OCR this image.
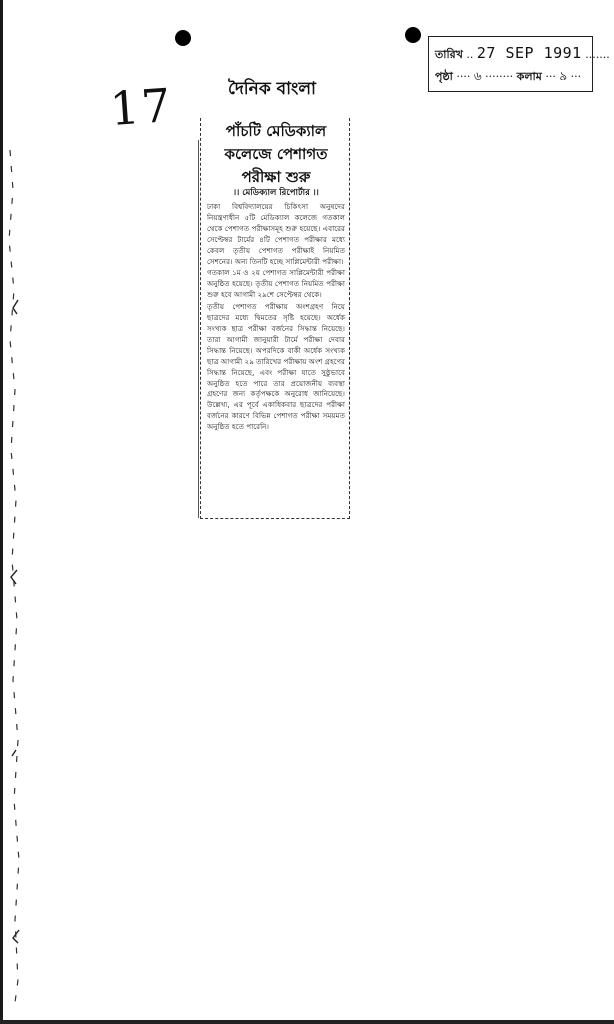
তারিখ .. 27 SEP 1991 .......
পৃষ্ঠা ···· ৬ ········ কলাম ··· ৯ ···
17	দৈনিক বাংলা
পাঁচটি মেডিক্যাল
কলেজে পেশাগত
পরীক্ষা শুরু
।। মেডিক্যাল রিপোর্টার ।।

ঢাকা বিশ্ববিদ্যালয়ের চিকিৎসা অনুষদের নিয়ন্ত্রণাধীন ৫টি মেডিক্যাল কলেজে গতকাল থেকে পেশাগত পরীক্ষাসমূহ শুরু হয়েছে। এবারের সেপ্টেম্বর টার্মের ৪টি পেশাগত পরীক্ষার মধ্যে কেবল তৃতীয় পেশাগত পরীক্ষাই নিয়মিত সেশনের। অন্য তিনটি হচ্ছে সাপ্লিমেন্টারী পরীক্ষা।

গতকাল ১ম ও ২য় পেশাগত সাপ্লিমেন্টারী পরীক্ষা অনুষ্ঠিত হয়েছে। তৃতীয় পেশাগত নিয়মিত পরীক্ষা শুরু হবে আগামী ২৯শে সেপ্টেম্বর থেকে।

তৃতীয় পেশাগত পরীক্ষায় অংশগ্রহণ নিয়ে ছাত্রদের মধ্যে দ্বিমতের সৃষ্টি হয়েছে। অর্ধেক সংখ্যক ছাত্র পরীক্ষা বর্জনের সিদ্ধান্ত নিয়েছে। তারা আগামী জানুয়ারী টার্মে পরীক্ষা দেবার সিদ্ধান্ত নিয়েছে। অপরদিকে বাকী অর্ধেক সংখ্যক ছাত্র আগামী ২৯ তারিখের পরীক্ষায় অংশ গ্রহণের সিদ্ধান্ত নিয়েছে, এবং পরীক্ষা যাতে সুষ্ঠুভাবে অনুষ্ঠিত হতে পারে তার প্রয়োজনীয় ব্যবস্থা গ্রহণের জন্য কর্তৃপক্ষকে অনুরোধ জানিয়েছে। উল্লেখ্য, এর পূর্বে একাধিকবার ছাত্রদের পরীক্ষা বর্জনের কারণে বিভিন্ন পেশাগত পরীক্ষা সময়মত অনুষ্ঠিত হতে পারেনি।
